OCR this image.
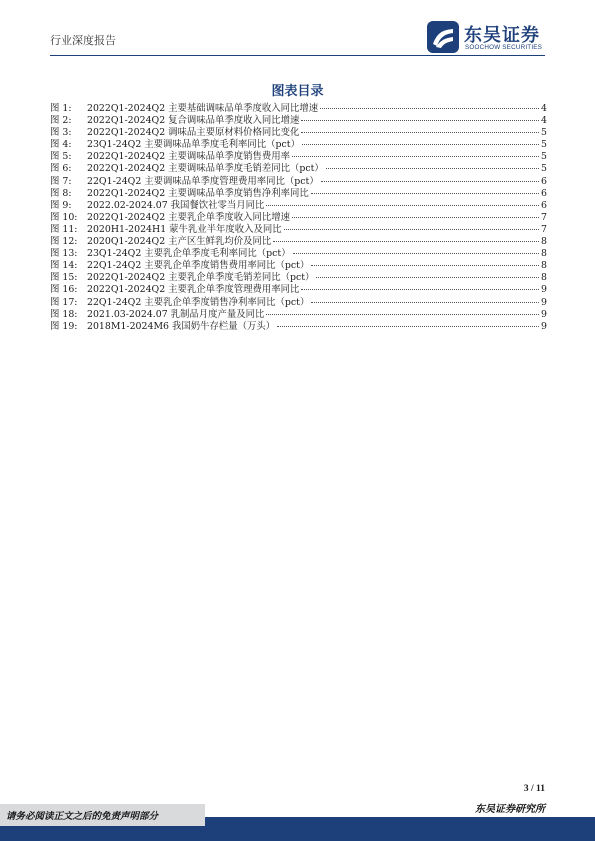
行业深度报告	东吴证券
SOOCHOW SECURITIES
图表目录
图 1:	2022Q1-2024Q2 主要基础调味品单季度收入同比增速	4
图 2:	2022Q1-2024Q2 复合调味品单季度收入同比增速	4
图 3:	2022Q1-2024Q2 调味品主要原材料价格同比变化	5
图 4:	23Q1-24Q2 主要调味品单季度毛利率同比（pct）	5
图 5:	2022Q1-2024Q2 主要调味品单季度销售费用率	5
图 6:	2022Q1-2024Q2 主要调味品单季度毛销差同比（pct）	5
图 7:	22Q1-24Q2 主要调味品单季度管理费用率同比（pct）	6
图 8:	2022Q1-2024Q2 主要调味品单季度销售净利率同比	6
图 9:	2022.02-2024.07 我国餐饮社零当月同比	6
图 10:	2022Q1-2024Q2 主要乳企单季度收入同比增速	7
图 11:	2020H1-2024H1 蒙牛乳业半年度收入及同比	7
图 12:	2020Q1-2024Q2 主产区生鲜乳均价及同比	8
图 13:	23Q1-24Q2 主要乳企单季度毛利率同比（pct）	8
图 14:	22Q1-24Q2 主要乳企单季度销售费用率同比（pct）	8
图 15:	2022Q1-2024Q2 主要乳企单季度毛销差同比（pct）	8
图 16:	2022Q1-2024Q2 主要乳企单季度管理费用率同比	9
图 17:	22Q1-24Q2 主要乳企单季度销售净利率同比（pct）	9
图 18:	2021.03-2024.07 乳制品月度产量及同比	9
图 19:	2018M1-2024M6 我国奶牛存栏量（万头）	9
3 / 11
请务必阅读正文之后的免责声明部分
东吴证券研究所
